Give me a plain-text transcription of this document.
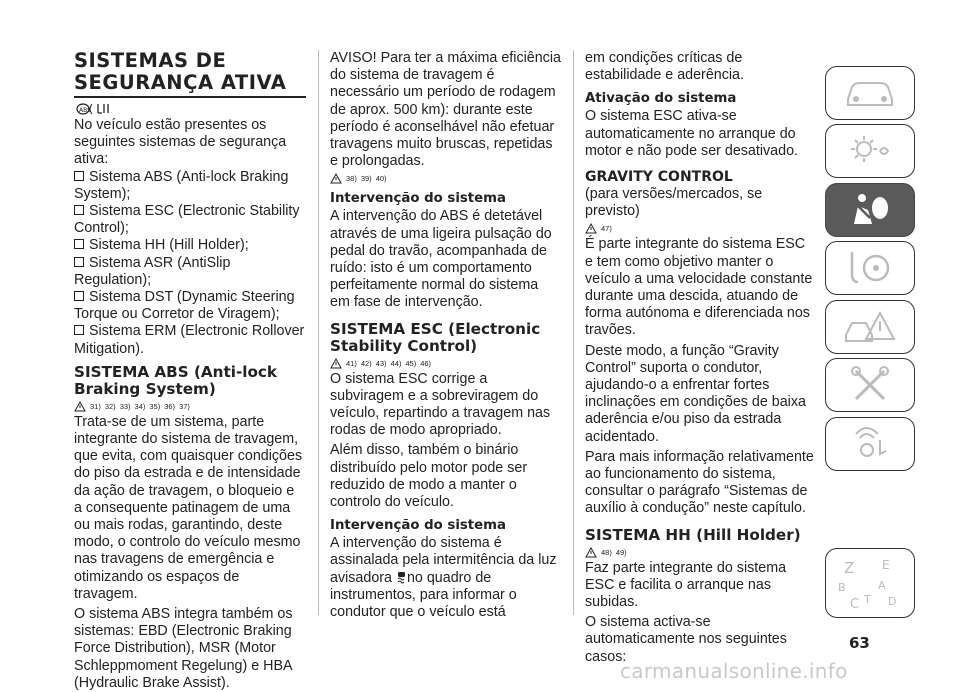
SISTEMAS DE
SEGURANÇA ATIVA
ABS

No veículo estão presentes os seguintes sistemas de segurança ativa:

Sistema ABS (Anti-lock Braking System);
Sistema ESC (Electronic Stability Control);
Sistema HH (Hill Holder);
Sistema ASR (AntiSlip Regulation);
Sistema DST (Dynamic Steering Torque ou Corretor de Viragem);
Sistema ERM (Electronic Rollover Mitigation).
SISTEMA ABS (Anti-lock Braking System)
31) 32) 33) 34) 35) 36) 37)

Trata-se de um sistema, parte integrante do sistema de travagem, que evita, com quaisquer condições do piso da estrada e de intensidade da ação de travagem, o bloqueio e a consequente patinagem de uma ou mais rodas, garantindo, deste modo, o controlo do veículo mesmo nas travagens de emergência e otimizando os espaços de travagem.

O sistema ABS integra também os sistemas: EBD (Electronic Braking Force Distribution), MSR (Motor Schleppmoment Regelung) e HBA (Hydraulic Brake Assist).

AVISO! Para ter a máxima eficiência do sistema de travagem é necessário um período de rodagem de aprox. 500 km): durante este período é aconselhável não efetuar travagens muito bruscas, repetidas e prolongadas.

38) 39) 40)
Intervenção do sistema

A intervenção do ABS é detetável através de uma ligeira pulsação do pedal do travão, acompanhada de ruído: isto é um comportamento perfeitamente normal do sistema em fase de intervenção.

SISTEMA ESC (Electronic Stability Control)
41) 42) 43) 44) 45) 46)

O sistema ESC corrige a subviragem e a sobreviragem do veículo, repartindo a travagem nas rodas de modo apropriado.

Além disso, também o binário distribuído pelo motor pode ser reduzido de modo a manter o controlo do veículo.

Intervenção do sistema

A intervenção do sistema é assinalada pela intermitência da luz avisadora no quadro de instrumentos, para informar o condutor que o veículo está

em condições críticas de estabilidade e aderência.

Ativação do sistema

O sistema ESC ativa-se automaticamente no arranque do motor e não pode ser desativado.

GRAVITY CONTROL

(para versões/mercados, se previsto)

47)

É parte integrante do sistema ESC e tem como objetivo manter o veículo a uma velocidade constante durante uma descida, atuando de forma autónoma e diferenciada nos travões.

Deste modo, a função “Gravity Control” suporta o condutor, ajudando-o a enfrentar fortes inclinações em condições de baixa aderência e/ou piso da estrada acidentado.

Para mais informação relativamente ao funcionamento do sistema, consultar o parágrafo “Sistemas de auxílio à condução” neste capítulo.

SISTEMA HH (Hill Holder)
48) 49)

Faz parte integrante do sistema ESC e facilita o arranque nas subidas.

O sistema activa-se automaticamente nos seguintes casos:

Z E
B	A
C T D
63
carmanualsonline.info
